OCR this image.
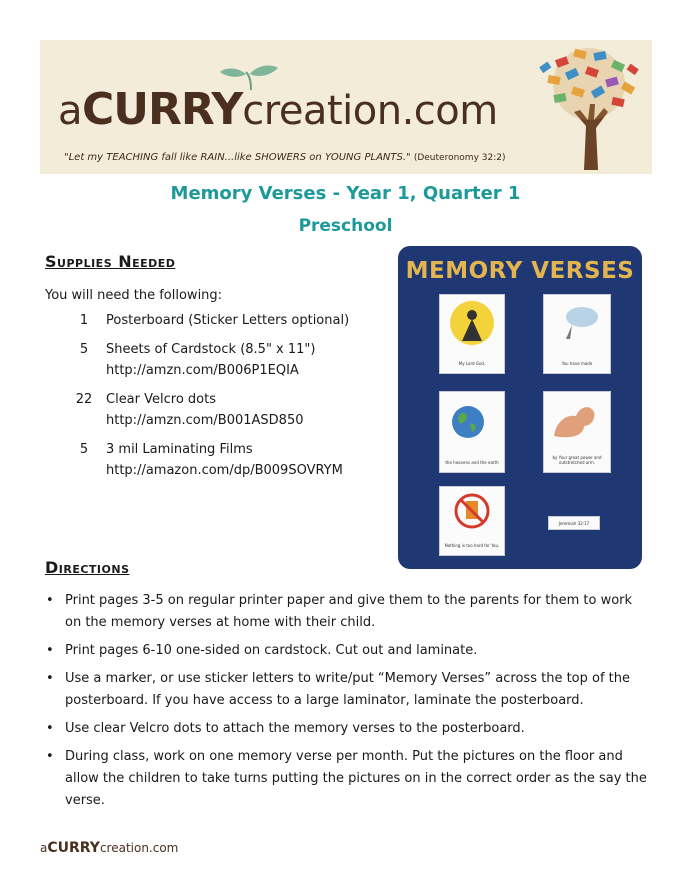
aCURRYcreation.com
"Let my TEACHING fall like RAIN...like SHOWERS on YOUNG PLANTS." (Deuteronomy 32:2)
Memory Verses - Year 1, Quarter 1
Preschool
Supplies Needed
You will need the following:
1 Posterboard (Sticker Letters optional)
5 Sheets of Cardstock (8.5" x 11")
http://amzn.com/B006P1EQIA
22 Clear Velcro dots
http://amzn.com/B001ASD850
5 3 mil Laminating Films
http://amazon.com/dp/B009SOVRYM
MEMORY VERSES
My Lord God,	You have made
the heavens and the earth
by Your great power and outstretched arm.
Nothing is too hard for You.
Jeremiah 32:17
Directions
• Print pages 3-5 on regular printer paper and give them to the parents for them to work on the memory verses at home with their child.
• Print pages 6-10 one-sided on cardstock. Cut out and laminate.
• Use a marker, or use sticker letters to write/put “Memory Verses” across the top of the posterboard. If you have access to a large laminator, laminate the posterboard.
• Use clear Velcro dots to attach the memory verses to the posterboard.
• During class, work on one memory verse per month. Put the pictures on the floor and allow the children to take turns putting the pictures on in the correct order as the say the verse.
aCURRYcreation.com
